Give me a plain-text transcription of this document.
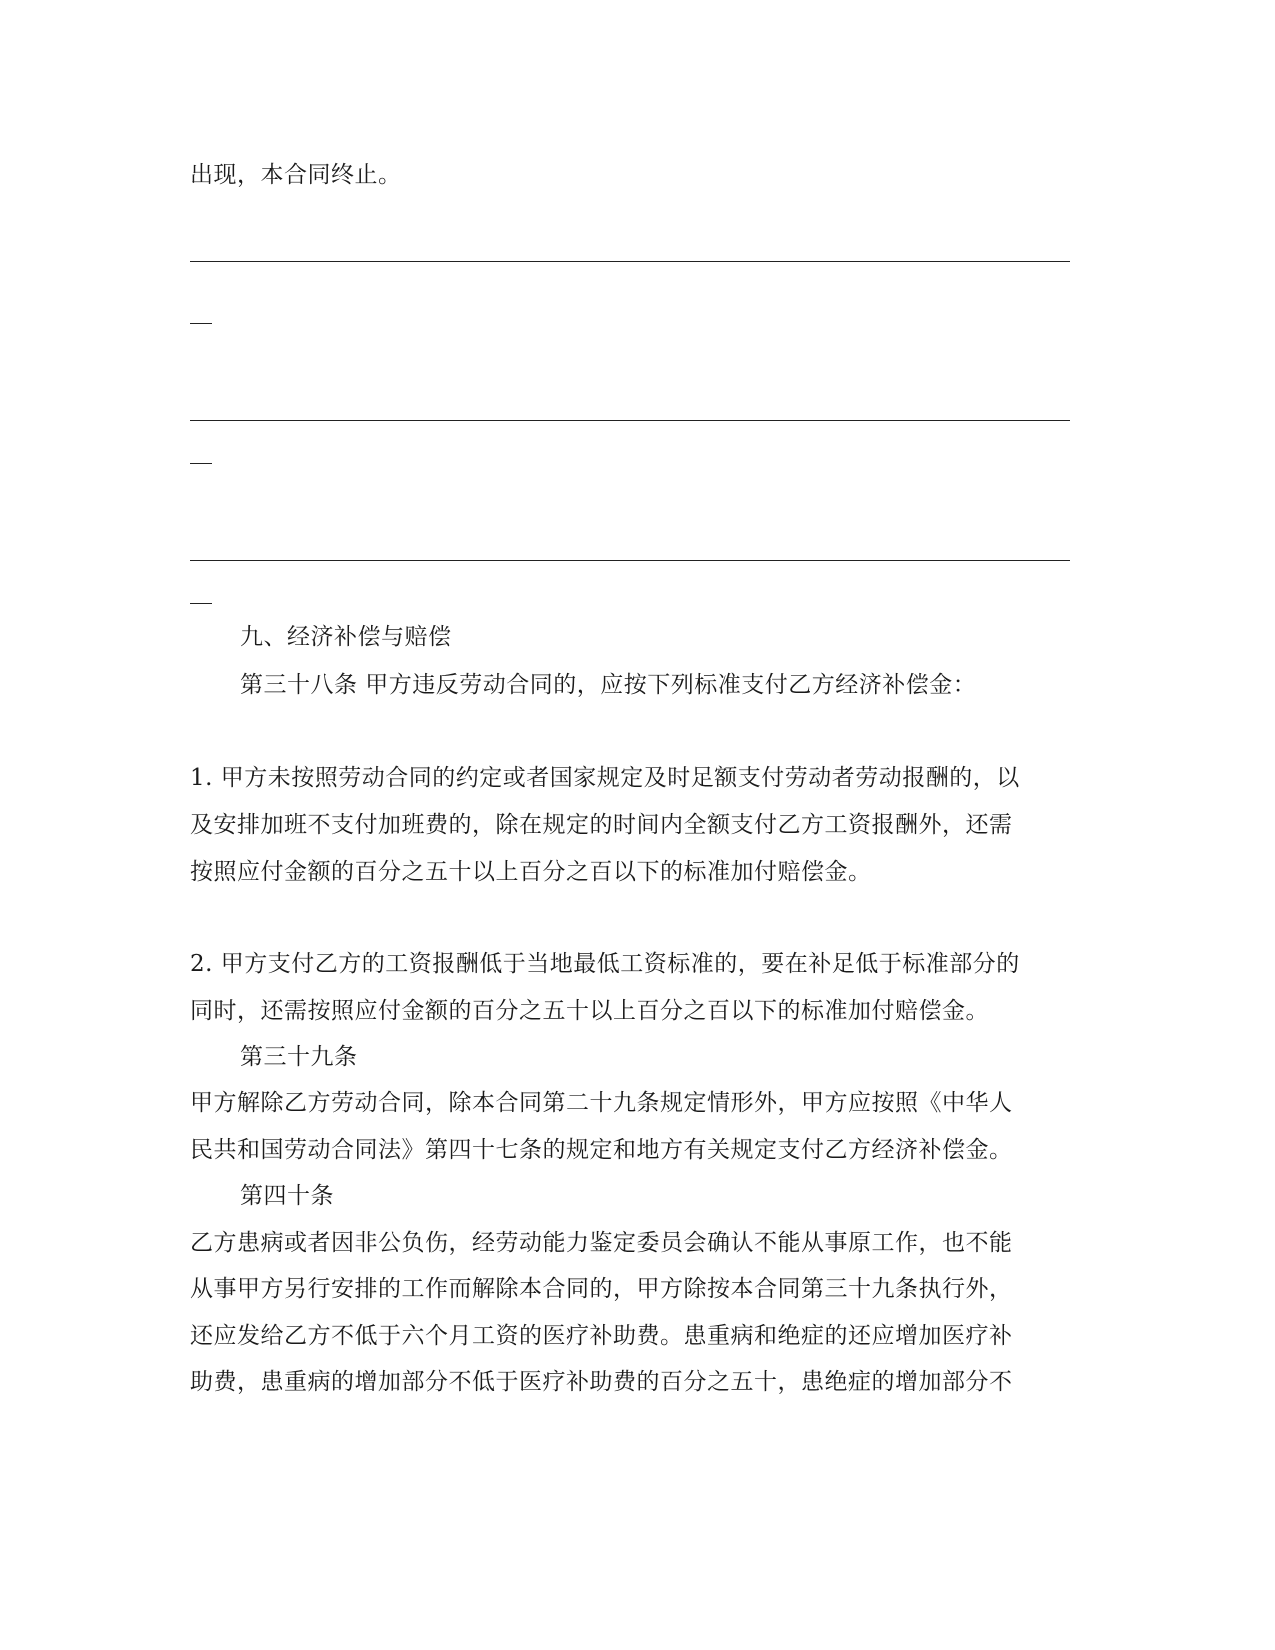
出现，本合同终止。
九、经济补偿与赔偿
第三十八条 甲方违反劳动合同的，应按下列标准支付乙方经济补偿金：
1. 甲方未按照劳动合同的约定或者国家规定及时足额支付劳动者劳动报酬的，以
及安排加班不支付加班费的，除在规定的时间内全额支付乙方工资报酬外，还需
按照应付金额的百分之五十以上百分之百以下的标准加付赔偿金。
2. 甲方支付乙方的工资报酬低于当地最低工资标准的，要在补足低于标准部分的
同时，还需按照应付金额的百分之五十以上百分之百以下的标准加付赔偿金。
第三十九条
甲方解除乙方劳动合同，除本合同第二十九条规定情形外，甲方应按照《中华人
民共和国劳动合同法》第四十七条的规定和地方有关规定支付乙方经济补偿金。
第四十条
乙方患病或者因非公负伤，经劳动能力鉴定委员会确认不能从事原工作，也不能
从事甲方另行安排的工作而解除本合同的，甲方除按本合同第三十九条执行外，
还应发给乙方不低于六个月工资的医疗补助费。患重病和绝症的还应增加医疗补
助费，患重病的增加部分不低于医疗补助费的百分之五十，患绝症的增加部分不
